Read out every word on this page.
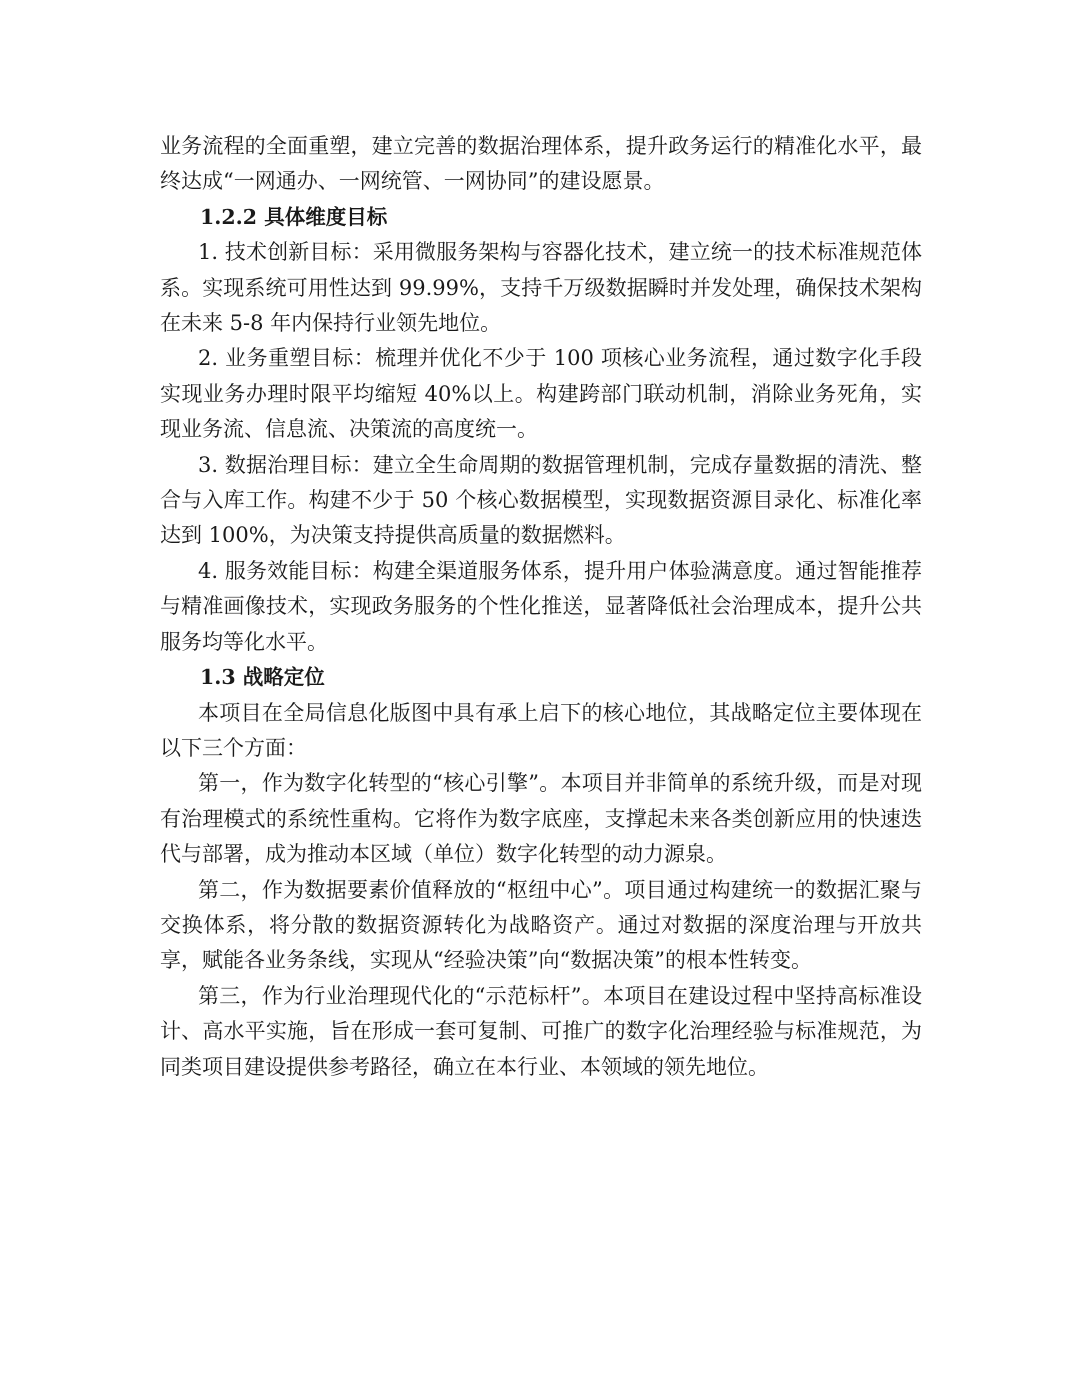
业务流程的全面重塑，建立完善的数据治理体系，提升政务运行的精准化水平，最终达成“一网通办、一网统管、一网协同”的建设愿景。

1.2.2 具体维度目标

1. 技术创新目标：采用微服务架构与容器化技术，建立统一的技术标准规范体系。实现系统可用性达到 99.99%，支持千万级数据瞬时并发处理，确保技术架构在未来 5-8 年内保持行业领先地位。

2. 业务重塑目标：梳理并优化不少于 100 项核心业务流程，通过数字化手段实现业务办理时限平均缩短 40%以上。构建跨部门联动机制，消除业务死角，实现业务流、信息流、决策流的高度统一。

3. 数据治理目标：建立全生命周期的数据管理机制，完成存量数据的清洗、整合与入库工作。构建不少于 50 个核心数据模型，实现数据资源目录化、标准化率达到 100%，为决策支持提供高质量的数据燃料。

4. 服务效能目标：构建全渠道服务体系，提升用户体验满意度。通过智能推荐与精准画像技术，实现政务服务的个性化推送，显著降低社会治理成本，提升公共服务均等化水平。

1.3 战略定位

本项目在全局信息化版图中具有承上启下的核心地位，其战略定位主要体现在以下三个方面：

第一，作为数字化转型的“核心引擎”。本项目并非简单的系统升级，而是对现有治理模式的系统性重构。它将作为数字底座，支撑起未来各类创新应用的快速迭代与部署，成为推动本区域（单位）数字化转型的动力源泉。

第二，作为数据要素价值释放的“枢纽中心”。项目通过构建统一的数据汇聚与交换体系，将分散的数据资源转化为战略资产。通过对数据的深度治理与开放共享，赋能各业务条线，实现从“经验决策”向“数据决策”的根本性转变。

第三，作为行业治理现代化的“示范标杆”。本项目在建设过程中坚持高标准设计、高水平实施，旨在形成一套可复制、可推广的数字化治理经验与标准规范，为同类项目建设提供参考路径，确立在本行业、本领域的领先地位。
